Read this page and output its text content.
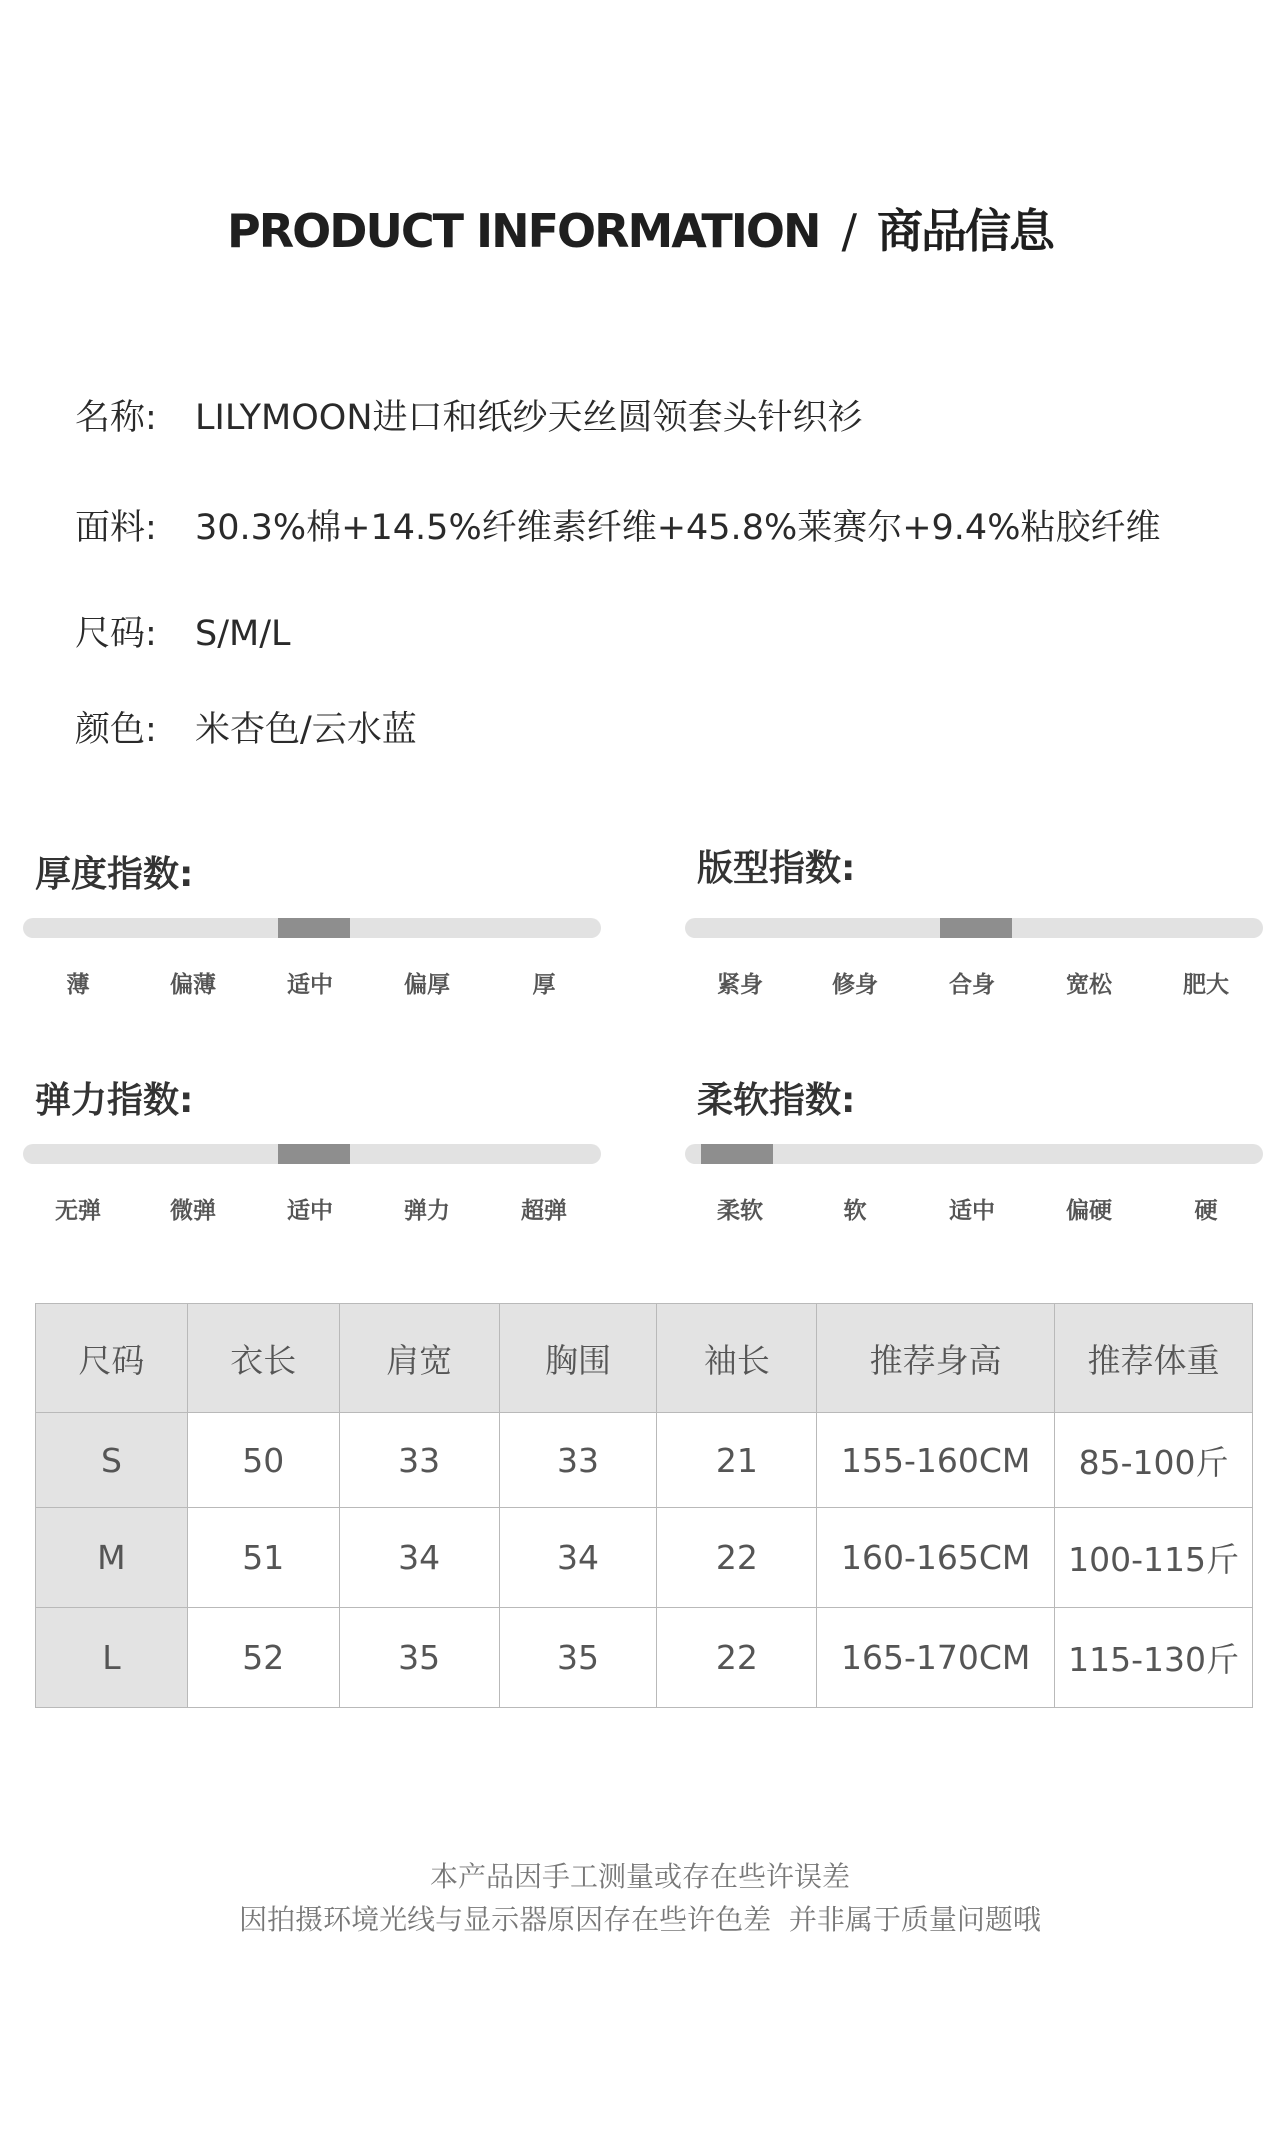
PRODUCT INFORMATION / 商品信息
名称: LILYMOON进口和纸纱天丝圆领套头针织衫
面料: 30.3%棉+14.5%纤维素纤维+45.8%莱赛尔+9.4%粘胶纤维
尺码: S/M/L
颜色: 米杏色/云水蓝
厚度指数:
薄	偏薄	适中	偏厚	厚
版型指数:
紧身	修身	合身	宽松	肥大
弹力指数:
无弹	微弹	适中	弹力	超弹
柔软指数:
柔软	软	适中	偏硬	硬
尺码	衣长	肩宽	胸围	袖长	推荐身高	推荐体重
S	50	33	33	21	155-160CM	85-100斤
M	51	34	34	22	160-165CM	100-115斤
L	52	35	35	22	165-170CM	115-130斤
本产品因手工测量或存在些许误差
因拍摄环境光线与显示器原因存在些许色差  并非属于质量问题哦
